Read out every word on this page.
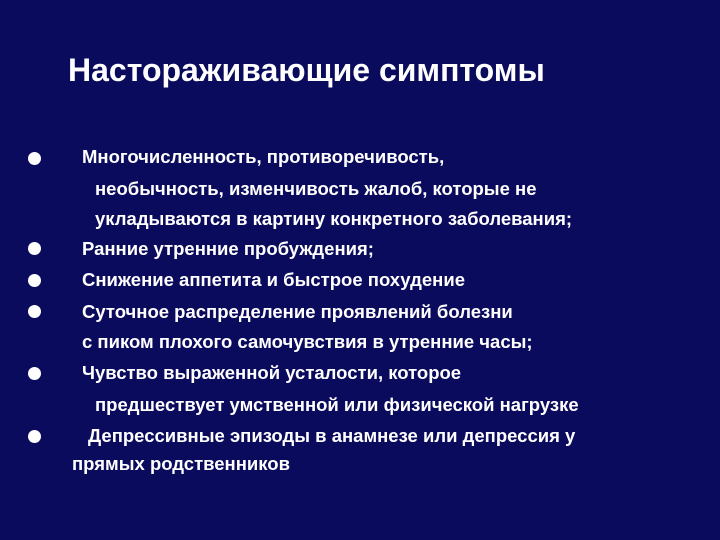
Настораживающие симптомы
Многочисленность, противоречивость,
необычность, изменчивость жалоб, которые не
укладываются в картину конкретного заболевания;
Ранние утренние пробуждения;
Снижение аппетита и быстрое похудение
Суточное распределение проявлений болезни
с пиком плохого самочувствия в утренние часы;
Чувство выраженной усталости, которое
предшествует умственной или физической нагрузке
Депрессивные эпизоды в анамнезе или депрессия у
прямых родственников
